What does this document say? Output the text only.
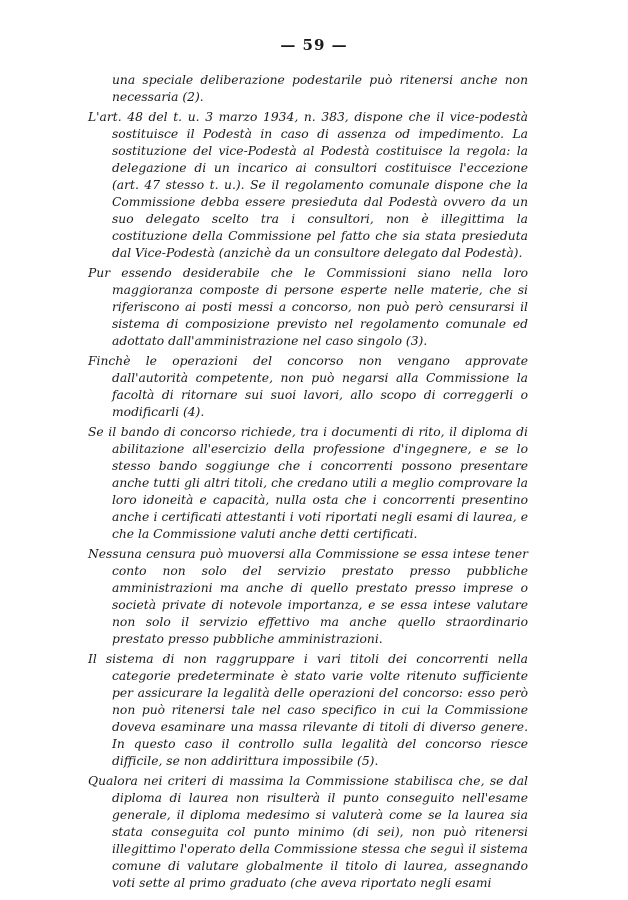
— 59 —

una speciale deliberazione podestarile può ritenersi anche non necessaria (2).

L'art. 48 del t. u. 3 marzo 1934, n. 383, dispone che il vice-podestà sostituisce il Podestà in caso di assenza od impedimento. La sostituzione del vice-Podestà al Podestà costituisce la regola: la delegazione di un incarico ai consultori costituisce l'eccezione (art. 47 stesso t. u.). Se il regolamento comunale dispone che la Commissione debba essere presieduta dal Podestà ovvero da un suo delegato scelto tra i consultori, non è illegittima la costituzione della Commissione pel fatto che sia stata presieduta dal Vice-Podestà (anzichè da un consultore delegato dal Podestà).

Pur essendo desiderabile che le Commissioni siano nella loro maggioranza composte di persone esperte nelle materie, che si riferiscono ai posti messi a concorso, non può però censurarsi il sistema di composizione previsto nel regolamento comunale ed adottato dall'amministrazione nel caso singolo (3).

Finchè le operazioni del concorso non vengano approvate dall'autorità competente, non può negarsi alla Commissione la facoltà di ritornare sui suoi lavori, allo scopo di correggerli o modificarli (4).

Se il bando di concorso richiede, tra i documenti di rito, il diploma di abilitazione all'esercizio della professione d'ingegnere, e se lo stesso bando soggiunge che i concorrenti possono presentare anche tutti gli altri titoli, che credano utili a meglio comprovare la loro idoneità e capacità, nulla osta che i concorrenti presentino anche i certificati attestanti i voti riportati negli esami di laurea, e che la Commissione valuti anche detti certificati.

Nessuna censura può muoversi alla Commissione se essa intese tener conto non solo del servizio prestato presso pubbliche amministrazioni ma anche di quello prestato presso imprese o società private di notevole importanza, e se essa intese valutare non solo il servizio effettivo ma anche quello straordinario prestato presso pubbliche amministrazioni.

Il sistema di non raggruppare i vari titoli dei concorrenti nella categorie predeterminate è stato varie volte ritenuto sufficiente per assicurare la legalità delle operazioni del concorso: esso però non può ritenersi tale nel caso specifico in cui la Commissione doveva esaminare una massa rilevante di titoli di diverso genere. In questo caso il controllo sulla legalità del concorso riesce difficile, se non addirittura impossibile (5).

Qualora nei criteri di massima la Commissione stabilisca che, se dal diploma di laurea non risulterà il punto conseguito nell'esame generale, il diploma medesimo si valuterà come se la laurea sia stata conseguita col punto minimo (di sei), non può ritenersi illegittimo l'operato della Commissione stessa che seguì il sistema comune di valutare globalmente il titolo di laurea, assegnando voti sette al primo graduato (che aveva riportato negli esami
